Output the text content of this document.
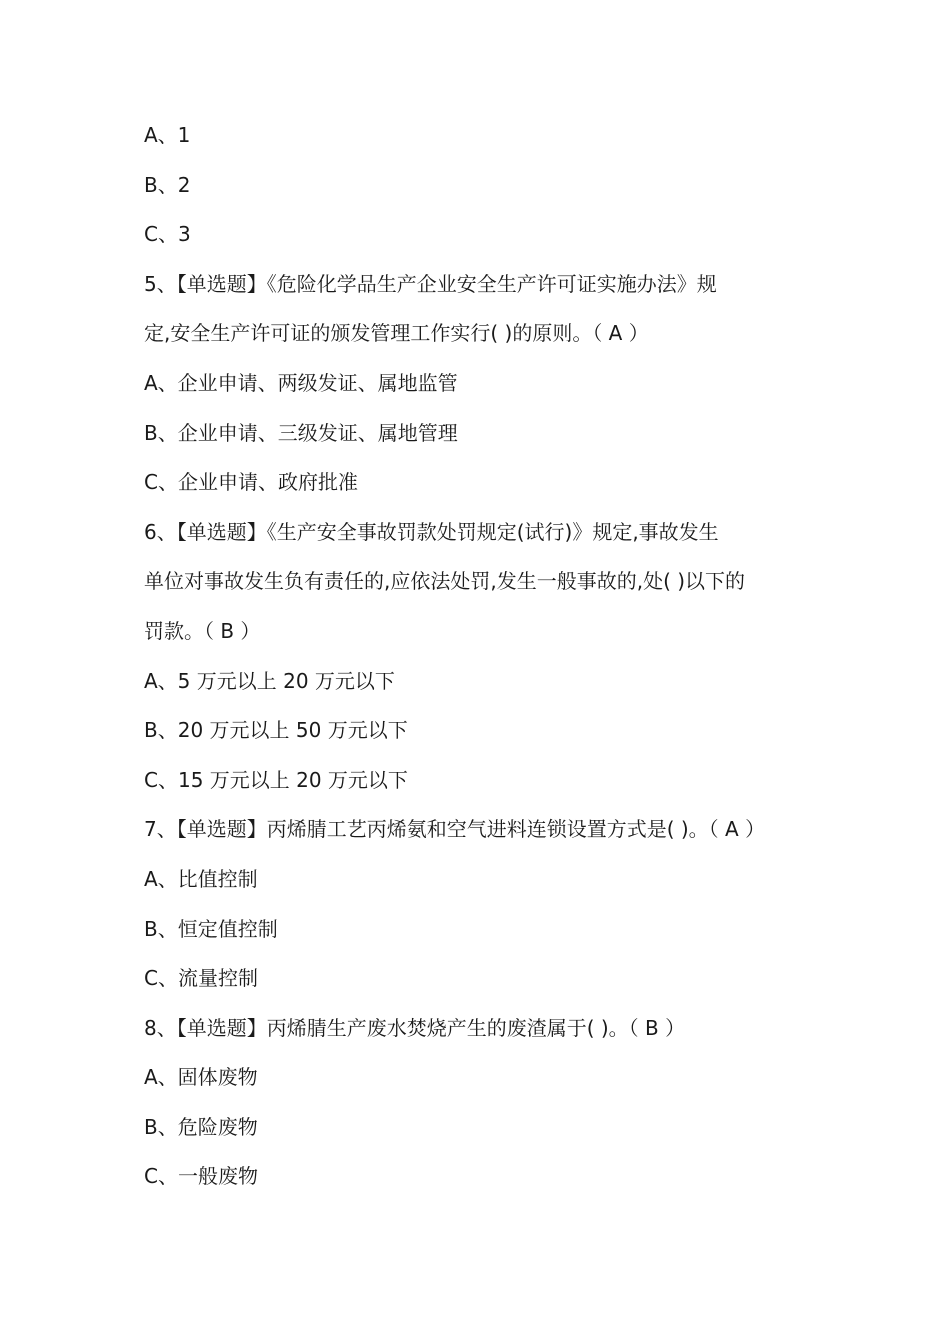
A、1
B、2
C、3
5、【单选题】《危险化学品生产企业安全生产许可证实施办法》规
定,安全生产许可证的颁发管理工作实行( )的原则。（ A ）
A、企业申请、两级发证、属地监管
B、企业申请、三级发证、属地管理
C、企业申请、政府批准
6、【单选题】《生产安全事故罚款处罚规定(试行)》规定,事故发生
单位对事故发生负有责任的,应依法处罚,发生一般事故的,处( )以下的
罚款。（ B ）
A、5 万元以上 20 万元以下
B、20 万元以上 50 万元以下
C、15 万元以上 20 万元以下
7、【单选题】丙烯腈工艺丙烯氨和空气进料连锁设置方式是( )。（ A ）
A、比值控制
B、恒定值控制
C、流量控制
8、【单选题】丙烯腈生产废水焚烧产生的废渣属于( )。（ B ）
A、固体废物
B、危险废物
C、一般废物
